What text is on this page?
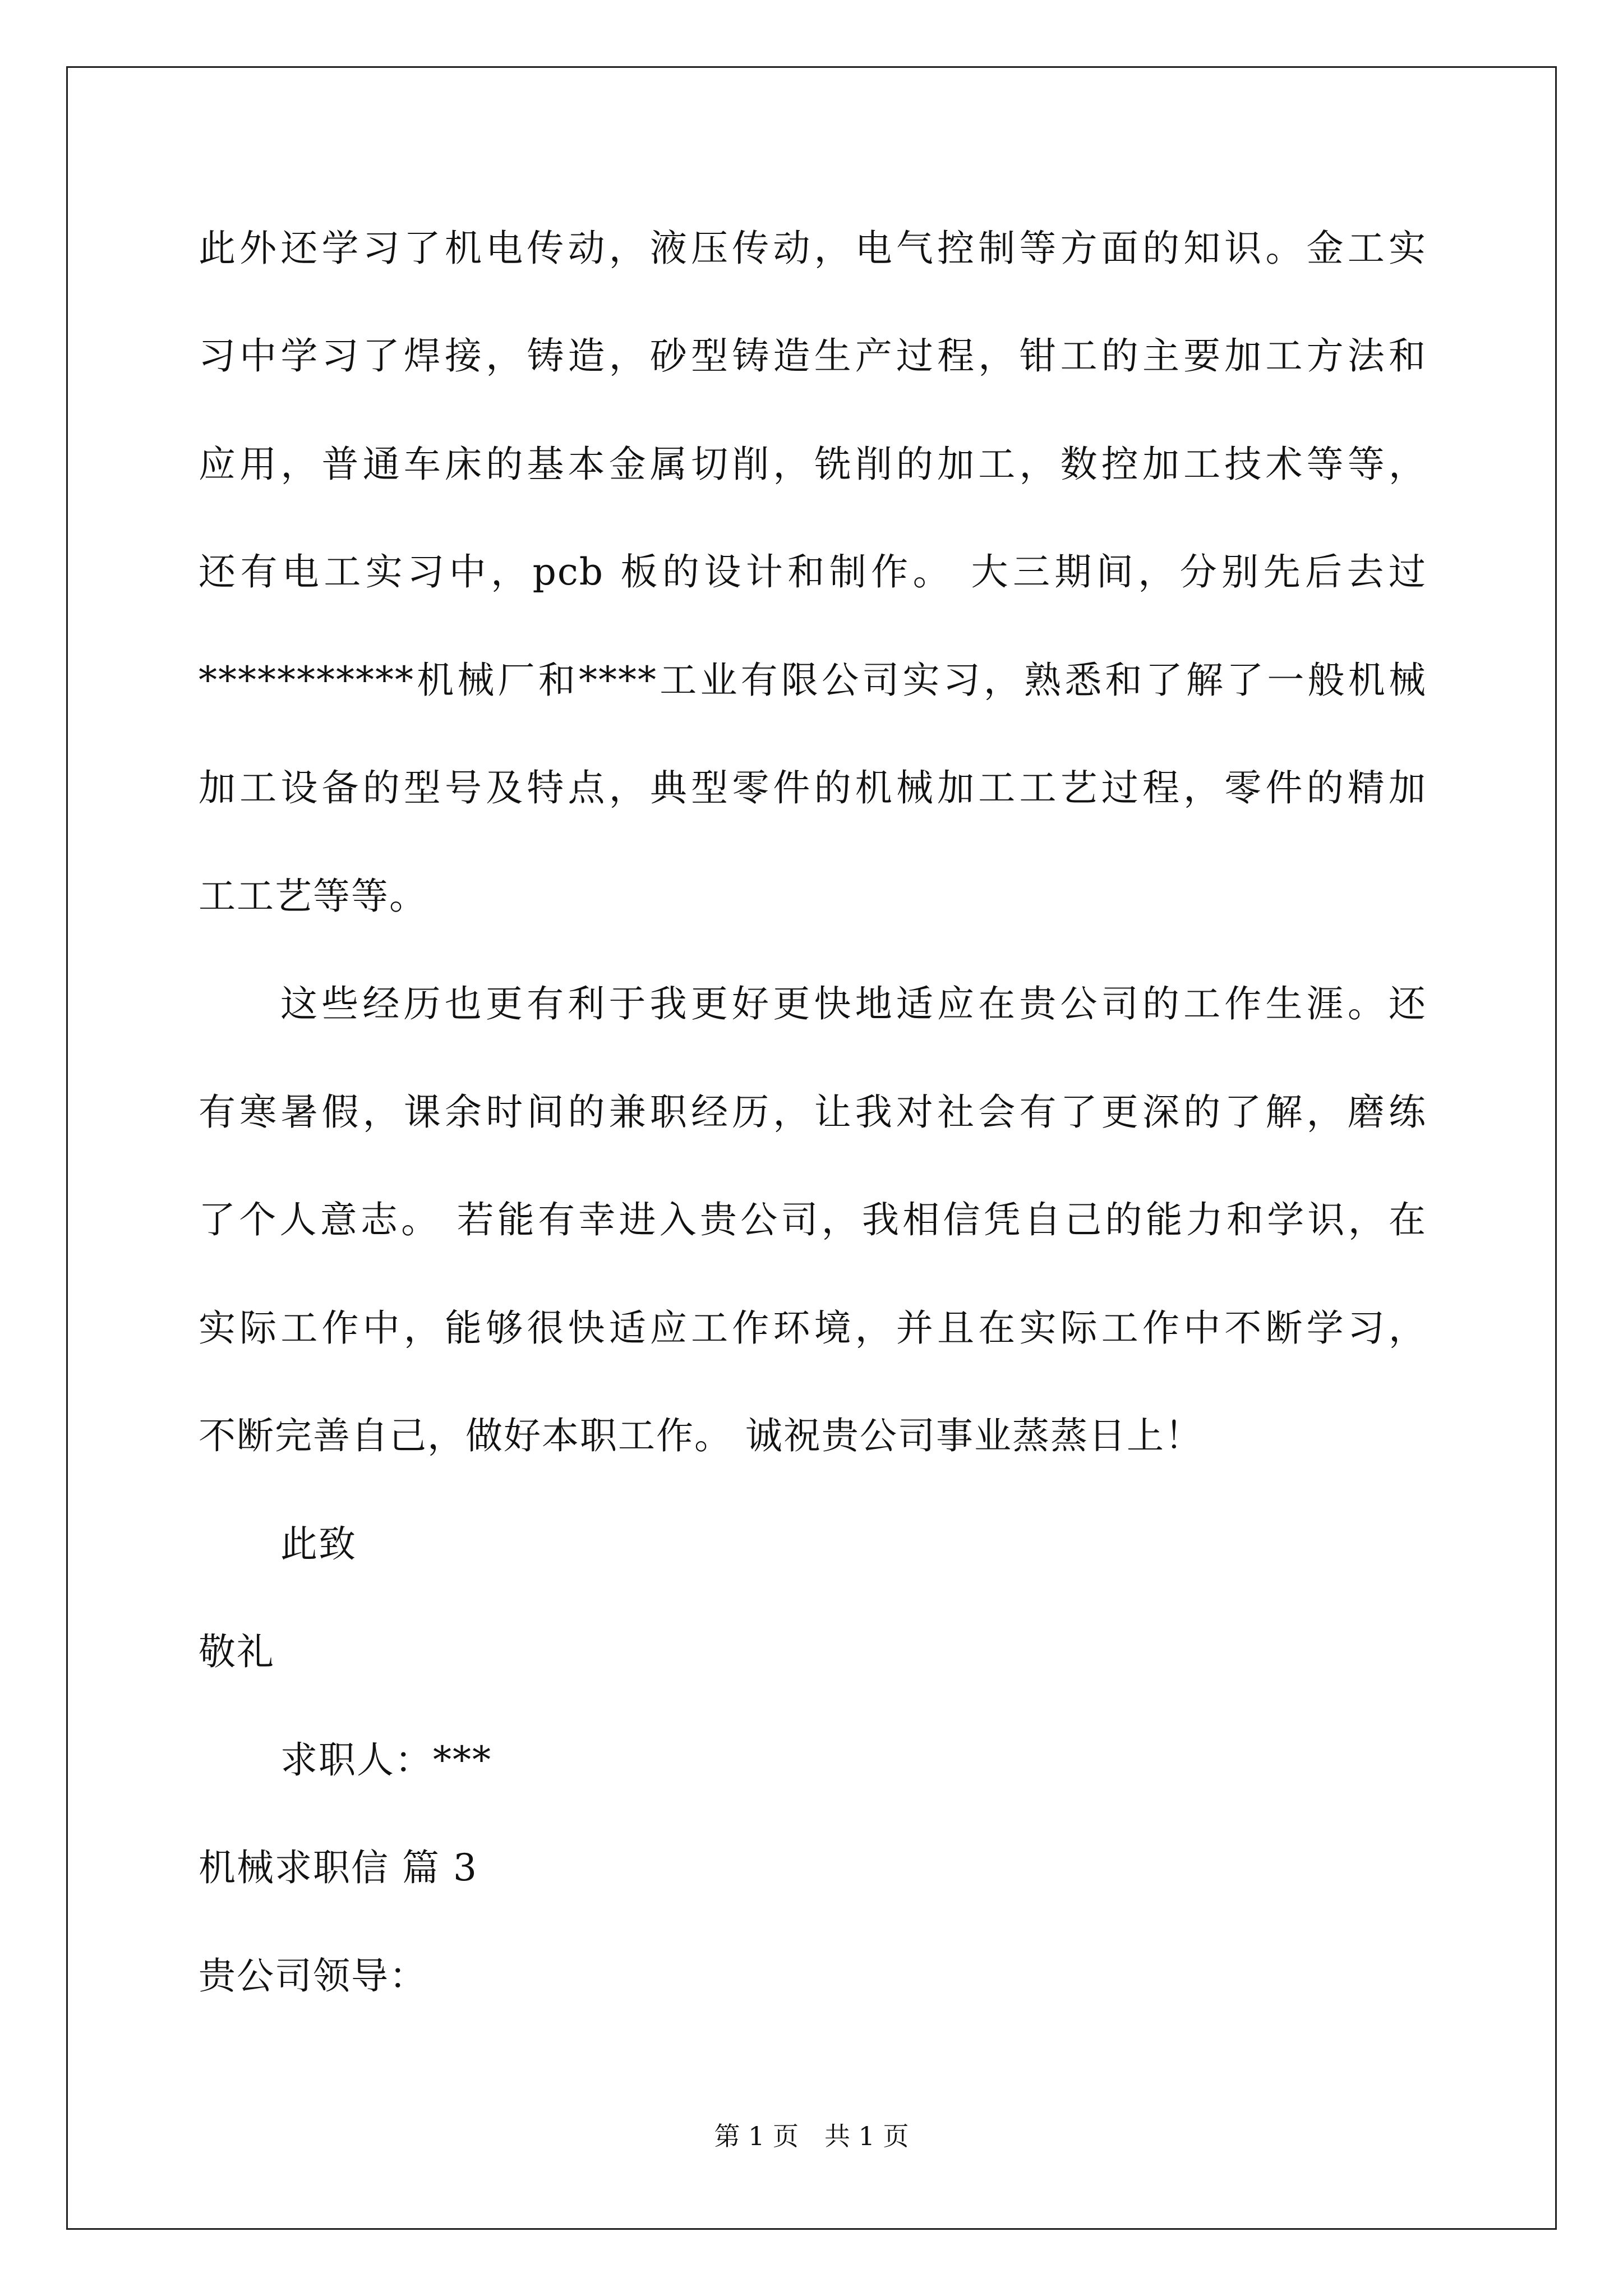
此外还学习了机电传动，液压传动，电气控制等方面的知识。金工实
习中学习了焊接，铸造，砂型铸造生产过程，钳工的主要加工方法和
应用，普通车床的基本金属切削，铣削的加工，数控加工技术等等，
还有电工实习中，pcb 板的设计和制作。 大三期间，分别先后去过
***********机械厂和****工业有限公司实习，熟悉和了解了一般机械
加工设备的型号及特点，典型零件的机械加工工艺过程，零件的精加
工工艺等等。
这些经历也更有利于我更好更快地适应在贵公司的工作生涯。还
有寒暑假，课余时间的兼职经历，让我对社会有了更深的了解，磨练
了个人意志。 若能有幸进入贵公司，我相信凭自己的能力和学识，在
实际工作中，能够很快适应工作环境，并且在实际工作中不断学习，
不断完善自己，做好本职工作。 诚祝贵公司事业蒸蒸日上！
此致
敬礼
求职人：***
机械求职信 篇 3
贵公司领导：
第 1 页　共 1 页
